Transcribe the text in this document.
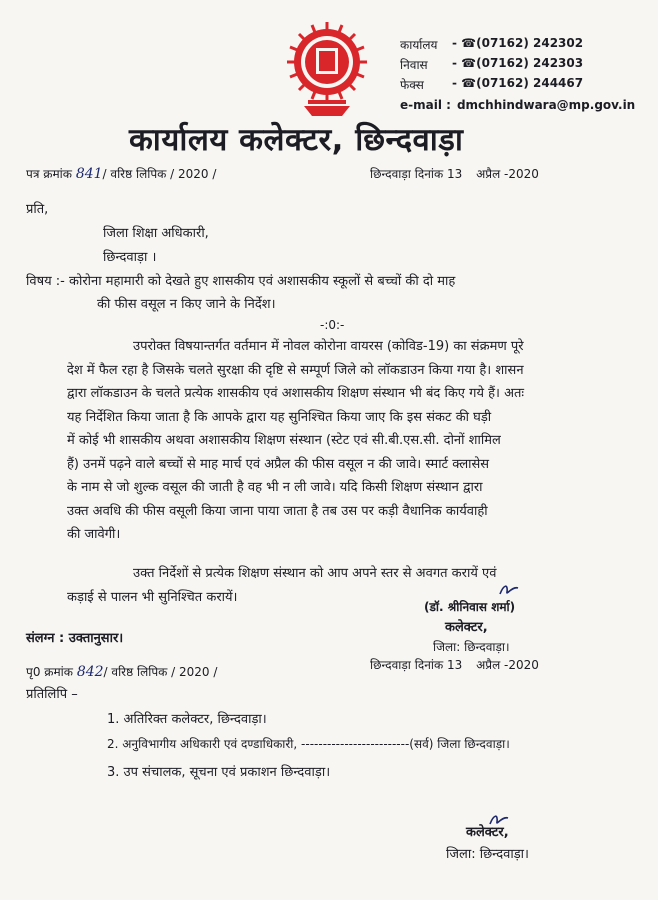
कार्यालय	- ☎(07162) 242302
निवास	- ☎(07162) 242303
फेक्स	- ☎(07162) 244467
e-mail : dmchhindwara@mp.gov.in
कार्यालय कलेक्टर, छिन्दवाड़ा
पत्र क्रमांक 841/ वरिष्ठ लिपिक / 2020 /	छिन्दवाड़ा दिनांक 13 अप्रैल -2020
प्रति,
जिला शिक्षा अधिकारी,
छिन्दवाड़ा ।
विषय :- कोरोना महामारी को देखते हुए शासकीय एवं अशासकीय स्कूलों से बच्चों की दो माह
की फीस वसूल न किए जाने के निर्देश।
-:0:-
उपरोक्त विषयान्तर्गत वर्तमान में नोवल कोरोना वायरस (कोविड-19) का संक्रमण पूरे
देश में फैल रहा है जिसके चलते सुरक्षा की दृष्टि से सम्पूर्ण जिले को लॉकडाउन किया गया है। शासन
द्वारा लॉकडाउन के चलते प्रत्येक शासकीय एवं अशासकीय शिक्षण संस्थान भी बंद किए गये हैं। अतः
यह निर्देशित किया जाता है कि आपके द्वारा यह सुनिश्चित किया जाए कि इस संकट की घड़ी
में कोई भी शासकीय अथवा अशासकीय शिक्षण संस्थान (स्टेट एवं सी.बी.एस.सी. दोनों शामिल
हैं) उनमें पढ़ने वाले बच्चों से माह मार्च एवं अप्रैल की फीस वसूल न की जावे। स्मार्ट क्लासेस
के नाम से जो शुल्क वसूल की जाती है वह भी न ली जावे। यदि किसी शिक्षण संस्थान द्वारा
उक्त अवधि की फीस वसूली किया जाना पाया जाता है तब उस पर कड़ी वैधानिक कार्यवाही
की जावेगी।
उक्त निर्देशों से प्रत्येक शिक्षण संस्थान को आप अपने स्तर से अवगत करायें एवं
कड़ाई से पालन भी सुनिश्चित करायें।
(डॉ. श्रीनिवास शर्मा)
कलेक्टर,
जिला: छिन्दवाड़ा।
संलग्न : उक्तानुसार।
पृ0 क्रमांक 842/ वरिष्ठ लिपिक / 2020 /	छिन्दवाड़ा दिनांक 13 अप्रैल -2020
प्रतिलिपि –
1. अतिरिक्त कलेक्टर, छिन्दवाड़ा।
2. अनुविभागीय अधिकारी एवं दण्डाधिकारी, -------------------------(सर्व) जिला छिन्दवाड़ा।
3. उप संचालक, सूचना एवं प्रकाशन छिन्दवाड़ा।
कलेक्टर,
जिला: छिन्दवाड़ा।
